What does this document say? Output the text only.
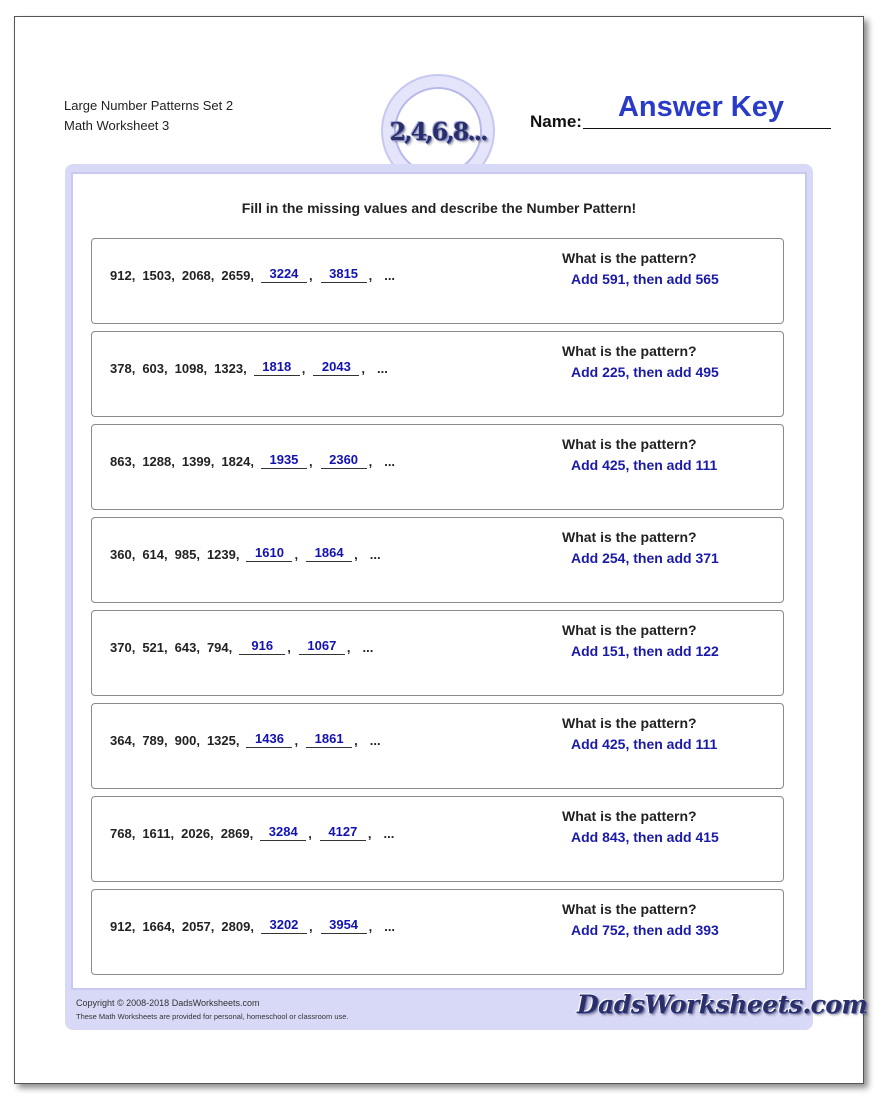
Large Number Patterns Set 2
Math Worksheet 3	2,4,6,8...	Name:	Answer Key
Fill in the missing values and describe the Number Pattern!
912, 1503, 2068, 2659,	3224 ,	3815 , ...
What is the pattern?
Add 591, then add 565
378, 603, 1098, 1323,	1818 ,	2043 , ...
What is the pattern?
Add 225, then add 495
863, 1288, 1399, 1824,	1935 ,	2360 , ...
What is the pattern?
Add 425, then add 111
360, 614, 985, 1239,	1610 ,	1864 , ...
What is the pattern?
Add 254, then add 371
370, 521, 643, 794,	916	,	1067 , ...
What is the pattern?
Add 151, then add 122
364, 789, 900, 1325,	1436 ,	1861 , ...
What is the pattern?
Add 425, then add 111
768, 1611, 2026, 2869,	3284 ,	4127 , ...
What is the pattern?
Add 843, then add 415
912, 1664, 2057, 2809,	3202 ,	3954 , ...
What is the pattern?
Add 752, then add 393
Copyright © 2008-2018 DadsWorksheets.com
These Math Worksheets are provided for personal, homeschool or classroom use.	DadsWorksheets.com
